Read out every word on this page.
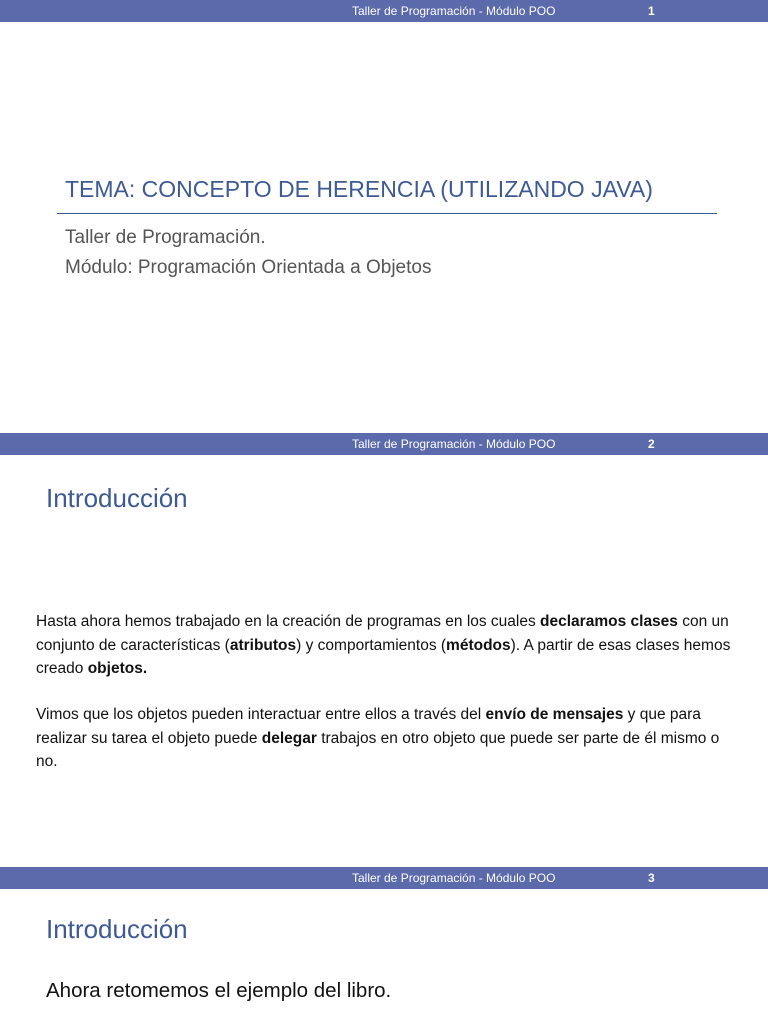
Taller de Programación - Módulo POO	1
TEMA: CONCEPTO DE HERENCIA (UTILIZANDO JAVA)
Taller de Programación.
Módulo: Programación Orientada a Objetos
Taller de Programación - Módulo POO	2
Introducción

Hasta ahora hemos trabajado en la creación de programas en los cuales declaramos clases con un conjunto de características (atributos) y comportamientos (métodos). A partir de esas clases hemos creado objetos.

Vimos que los objetos pueden interactuar entre ellos a través del envío de mensajes y que para realizar su tarea el objeto puede delegar trabajos en otro objeto que puede ser parte de él mismo o no.

Taller de Programación - Módulo POO	3
Introducción

Ahora retomemos el ejemplo del libro.
